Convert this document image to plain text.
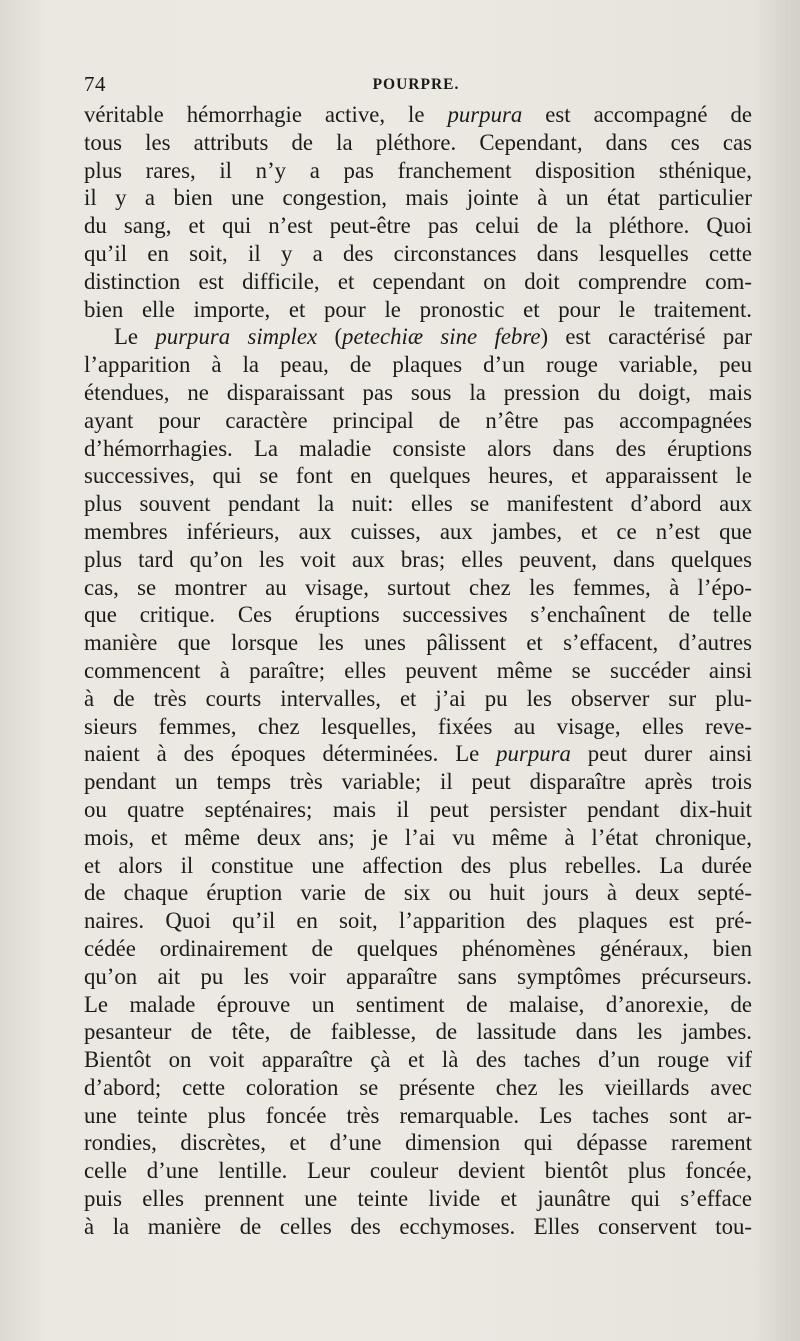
74	POURPRE.
véritable hémorrhagie active, le purpura est accompagné de
tous les attributs de la pléthore. Cependant, dans ces cas
plus rares, il n’y a pas franchement disposition sthénique,
il y a bien une congestion, mais jointe à un état particulier
du sang, et qui n’est peut-être pas celui de la pléthore. Quoi
qu’il en soit, il y a des circonstances dans lesquelles cette
distinction est difficile, et cependant on doit comprendre com-
bien elle importe, et pour le pronostic et pour le traitement.
Le purpura simplex (petechiæ sine febre) est caractérisé par
l’apparition à la peau, de plaques d’un rouge variable, peu
étendues, ne disparaissant pas sous la pression du doigt, mais
ayant pour caractère principal de n’être pas accompagnées
d’hémorrhagies. La maladie consiste alors dans des éruptions
successives, qui se font en quelques heures, et apparaissent le
plus souvent pendant la nuit: elles se manifestent d’abord aux
membres inférieurs, aux cuisses, aux jambes, et ce n’est que
plus tard qu’on les voit aux bras; elles peuvent, dans quelques
cas, se montrer au visage, surtout chez les femmes, à l’épo-
que critique. Ces éruptions successives s’enchaînent de telle
manière que lorsque les unes pâlissent et s’effacent, d’autres
commencent à paraître; elles peuvent même se succéder ainsi
à de très courts intervalles, et j’ai pu les observer sur plu-
sieurs femmes, chez lesquelles, fixées au visage, elles reve-
naient à des époques déterminées. Le purpura peut durer ainsi
pendant un temps très variable; il peut disparaître après trois
ou quatre septénaires; mais il peut persister pendant dix-huit
mois, et même deux ans; je l’ai vu même à l’état chronique,
et alors il constitue une affection des plus rebelles. La durée
de chaque éruption varie de six ou huit jours à deux septé-
naires. Quoi qu’il en soit, l’apparition des plaques est pré-
cédée ordinairement de quelques phénomènes généraux, bien
qu’on ait pu les voir apparaître sans symptômes précurseurs.
Le malade éprouve un sentiment de malaise, d’anorexie, de
pesanteur de tête, de faiblesse, de lassitude dans les jambes.
Bientôt on voit apparaître çà et là des taches d’un rouge vif
d’abord; cette coloration se présente chez les vieillards avec
une teinte plus foncée très remarquable. Les taches sont ar-
rondies, discrètes, et d’une dimension qui dépasse rarement
celle d’une lentille. Leur couleur devient bientôt plus foncée,
puis elles prennent une teinte livide et jaunâtre qui s’efface
à la manière de celles des ecchymoses. Elles conservent tou-
